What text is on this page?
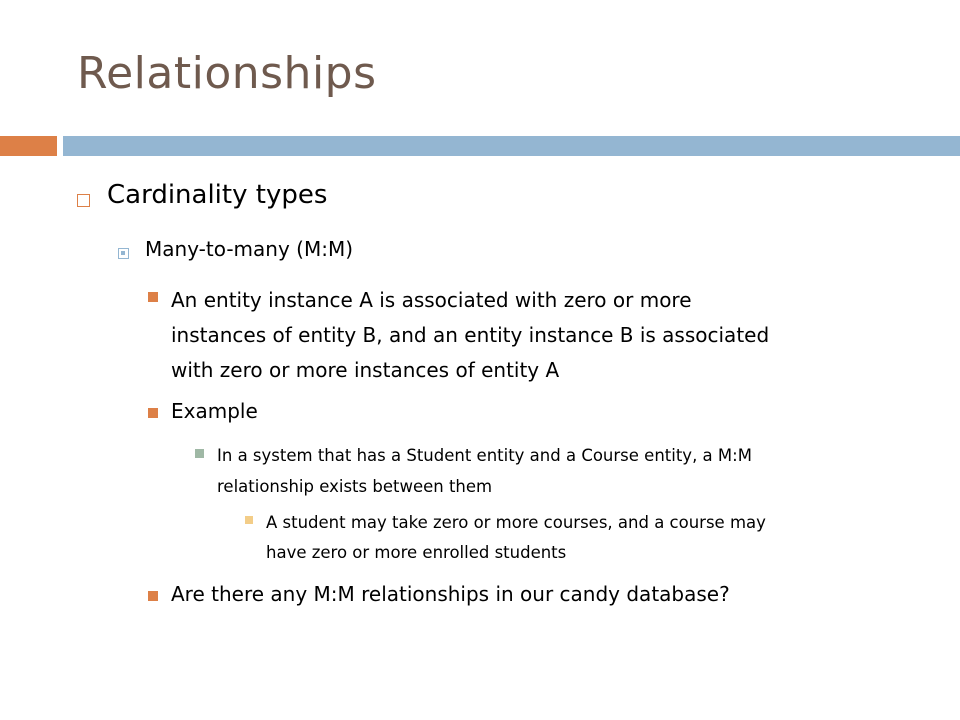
Relationships
Cardinality types
Many-to-many (M:M)
An entity instance A is associated with zero or more
instances of entity B, and an entity instance B is associated
with zero or more instances of entity A
Example
In a system that has a Student entity and a Course entity, a M:M
relationship exists between them
A student may take zero or more courses, and a course may
have zero or more enrolled students
Are there any M:M relationships in our candy database?
